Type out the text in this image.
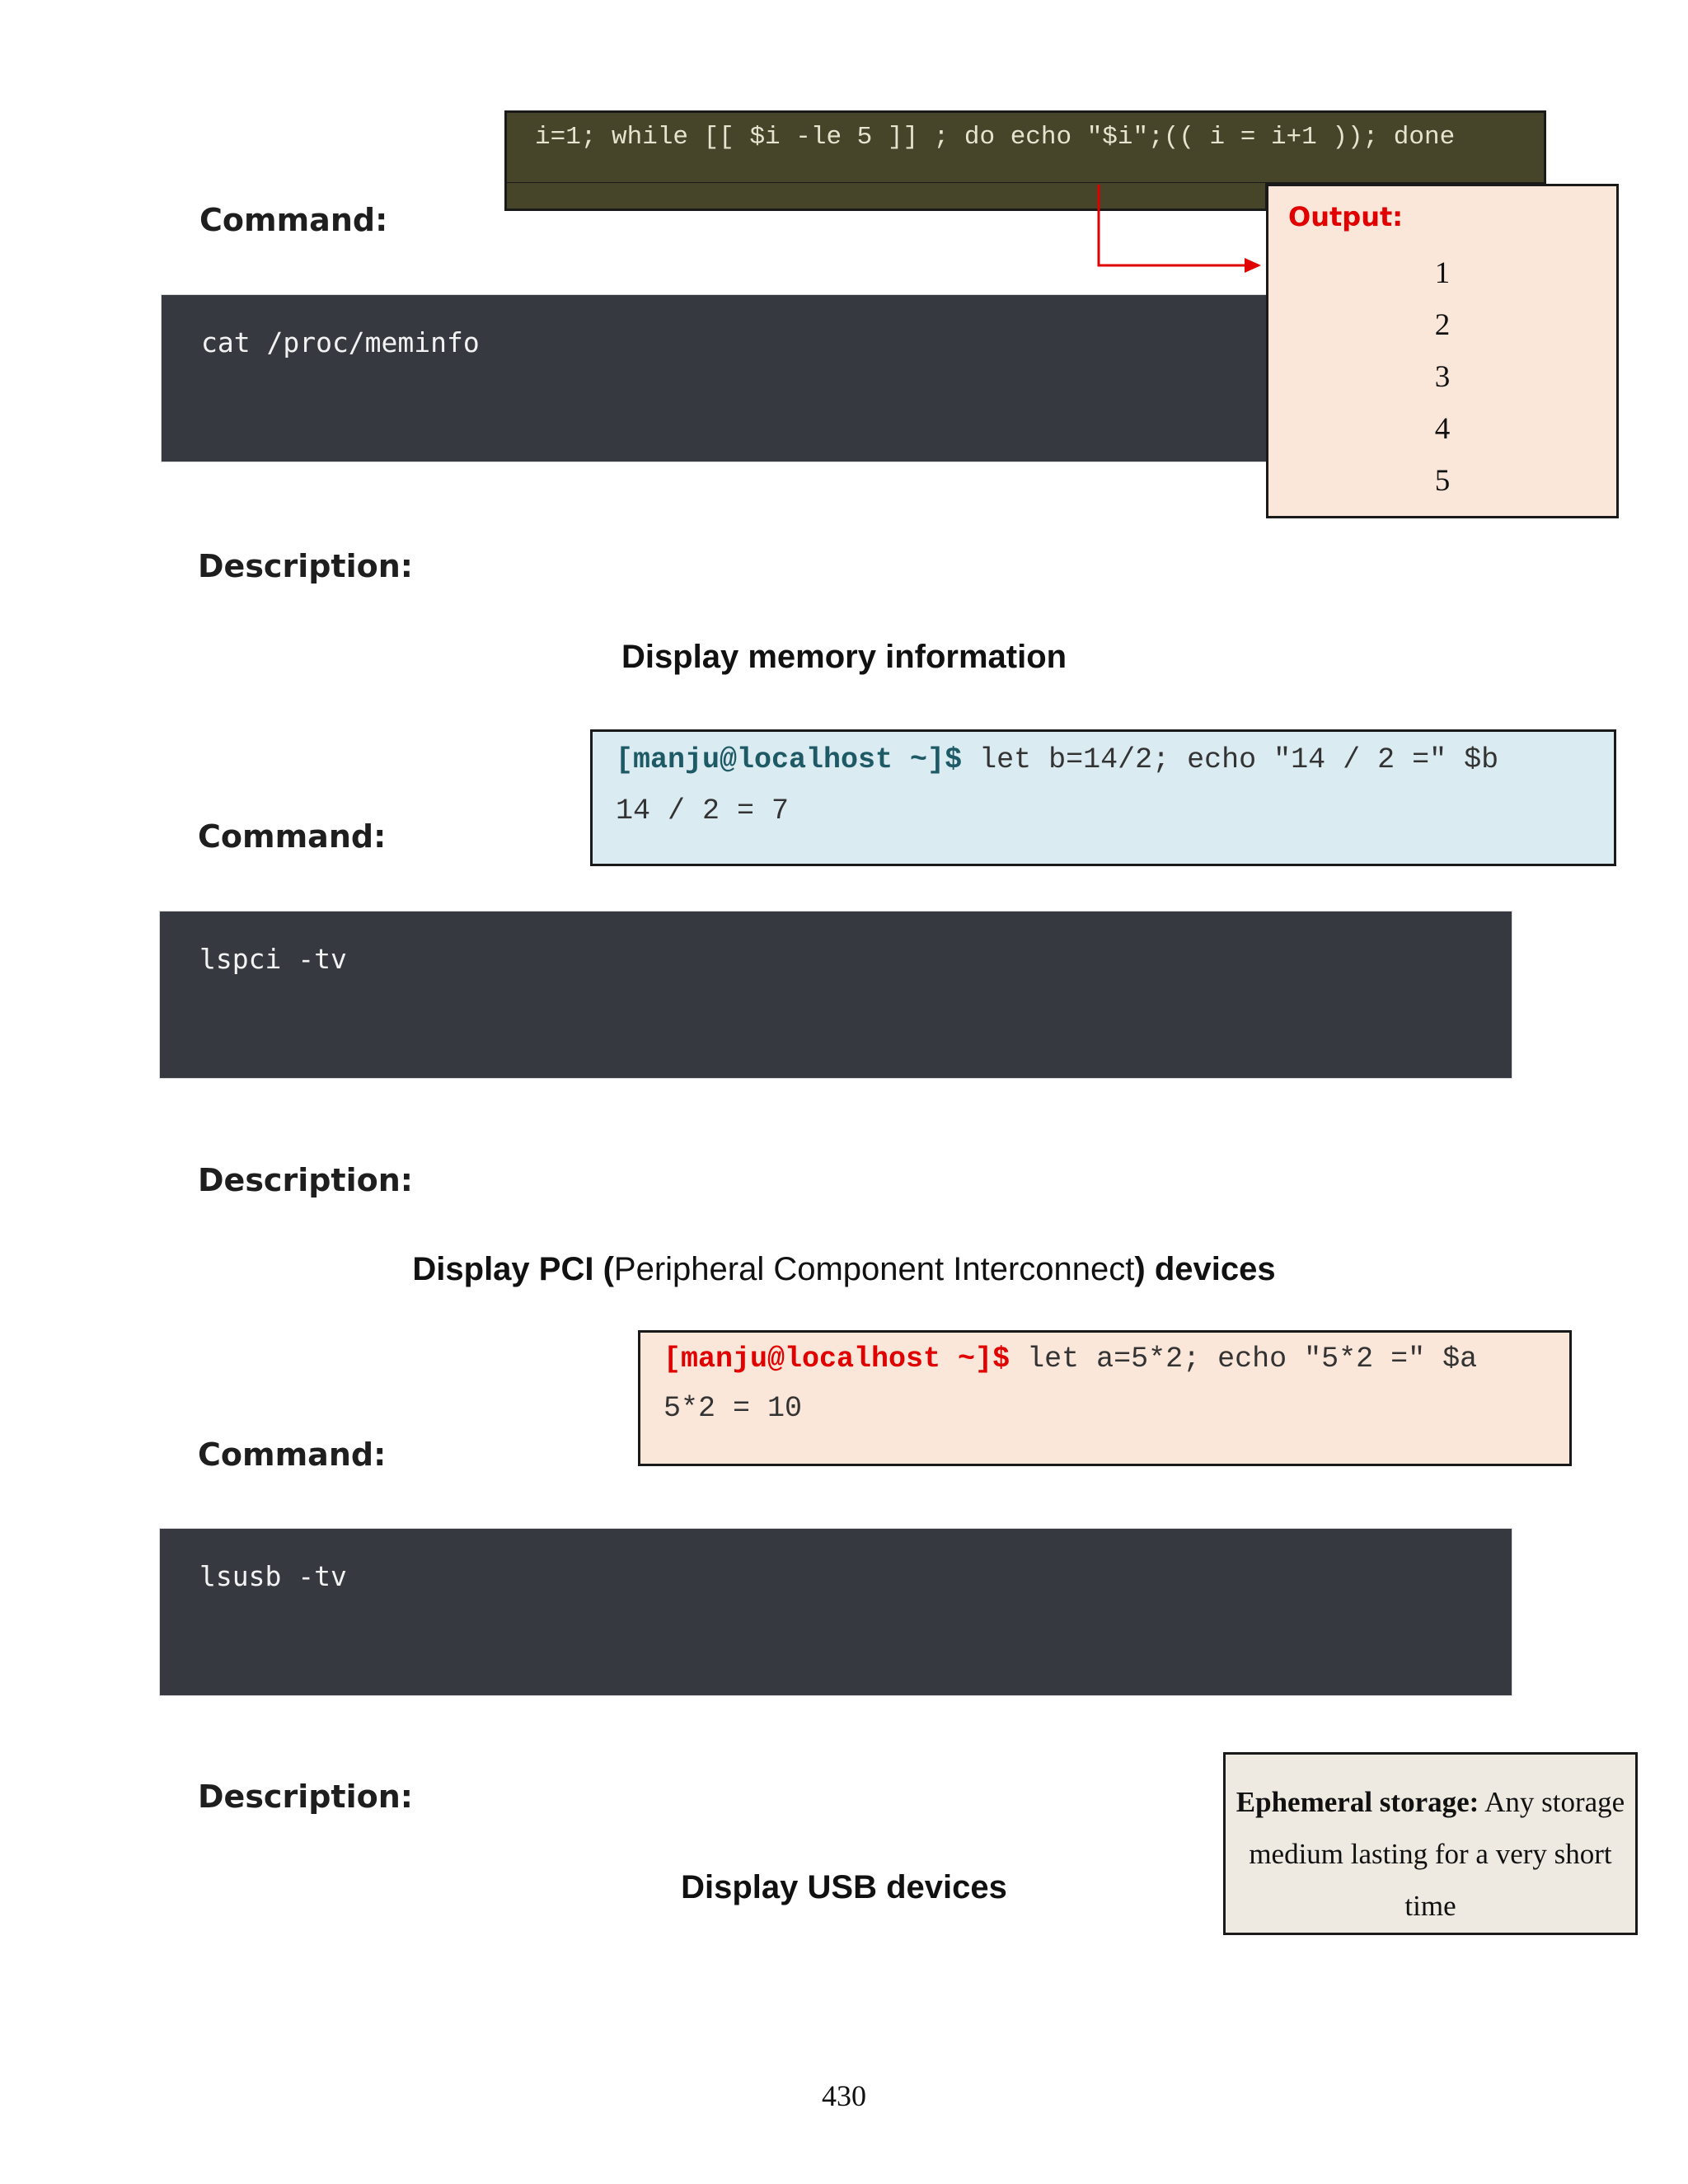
Command:
cat /proc/meminfo
Description:
Display memory information
i=1; while [[ $i -le 5 ]] ; do echo "$i";(( i = i+1 )); done
Output:
1
2
3
4
5
[manju@localhost ~]$ let b=14/2; echo "14 / 2 =" $b
14 / 2 = 7
Command:
lspci -tv
Description:
Display PCI (Peripheral Component Interconnect) devices
[manju@localhost ~]$ let a=5*2; echo "5*2 =" $a
5*2 = 10
Command:
lsusb -tv
Description:
Display USB devices
Ephemeral storage: Any storage medium lasting for a very short time
430
